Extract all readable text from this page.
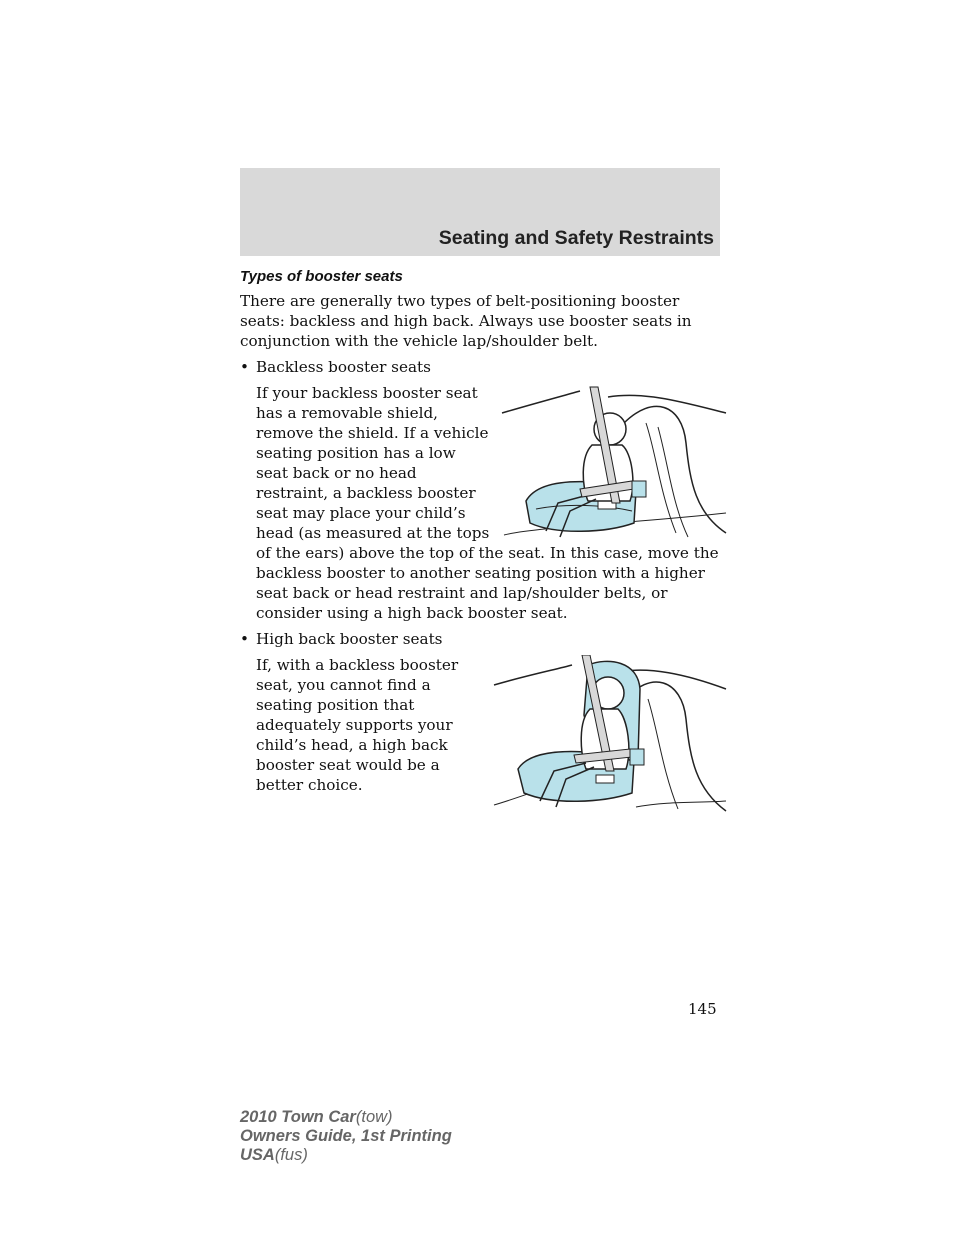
Seating and Safety Restraints
Types of booster seats

There are generally two types of belt-positioning booster seats: backless and high back. Always use booster seats in conjunction with the vehicle lap/shoulder belt.

• Backless booster seats
If your backless booster seat has a removable shield, remove the shield. If a vehicle seating position has a low seat back or no head restraint, a backless booster seat may place your child’s head (as measured at the tops of the ears) above the top of the seat. In this case, move the backless booster to another seating position with a higher seat back or head restraint and lap/shoulder belts, or consider using a high back booster seat.
• High back booster seats
If, with a backless booster seat, you cannot find a seating position that adequately supports your child’s head, a high back booster seat would be a better choice.
145
2010 Town Car(tow)
Owners Guide, 1st Printing
USA(fus)
